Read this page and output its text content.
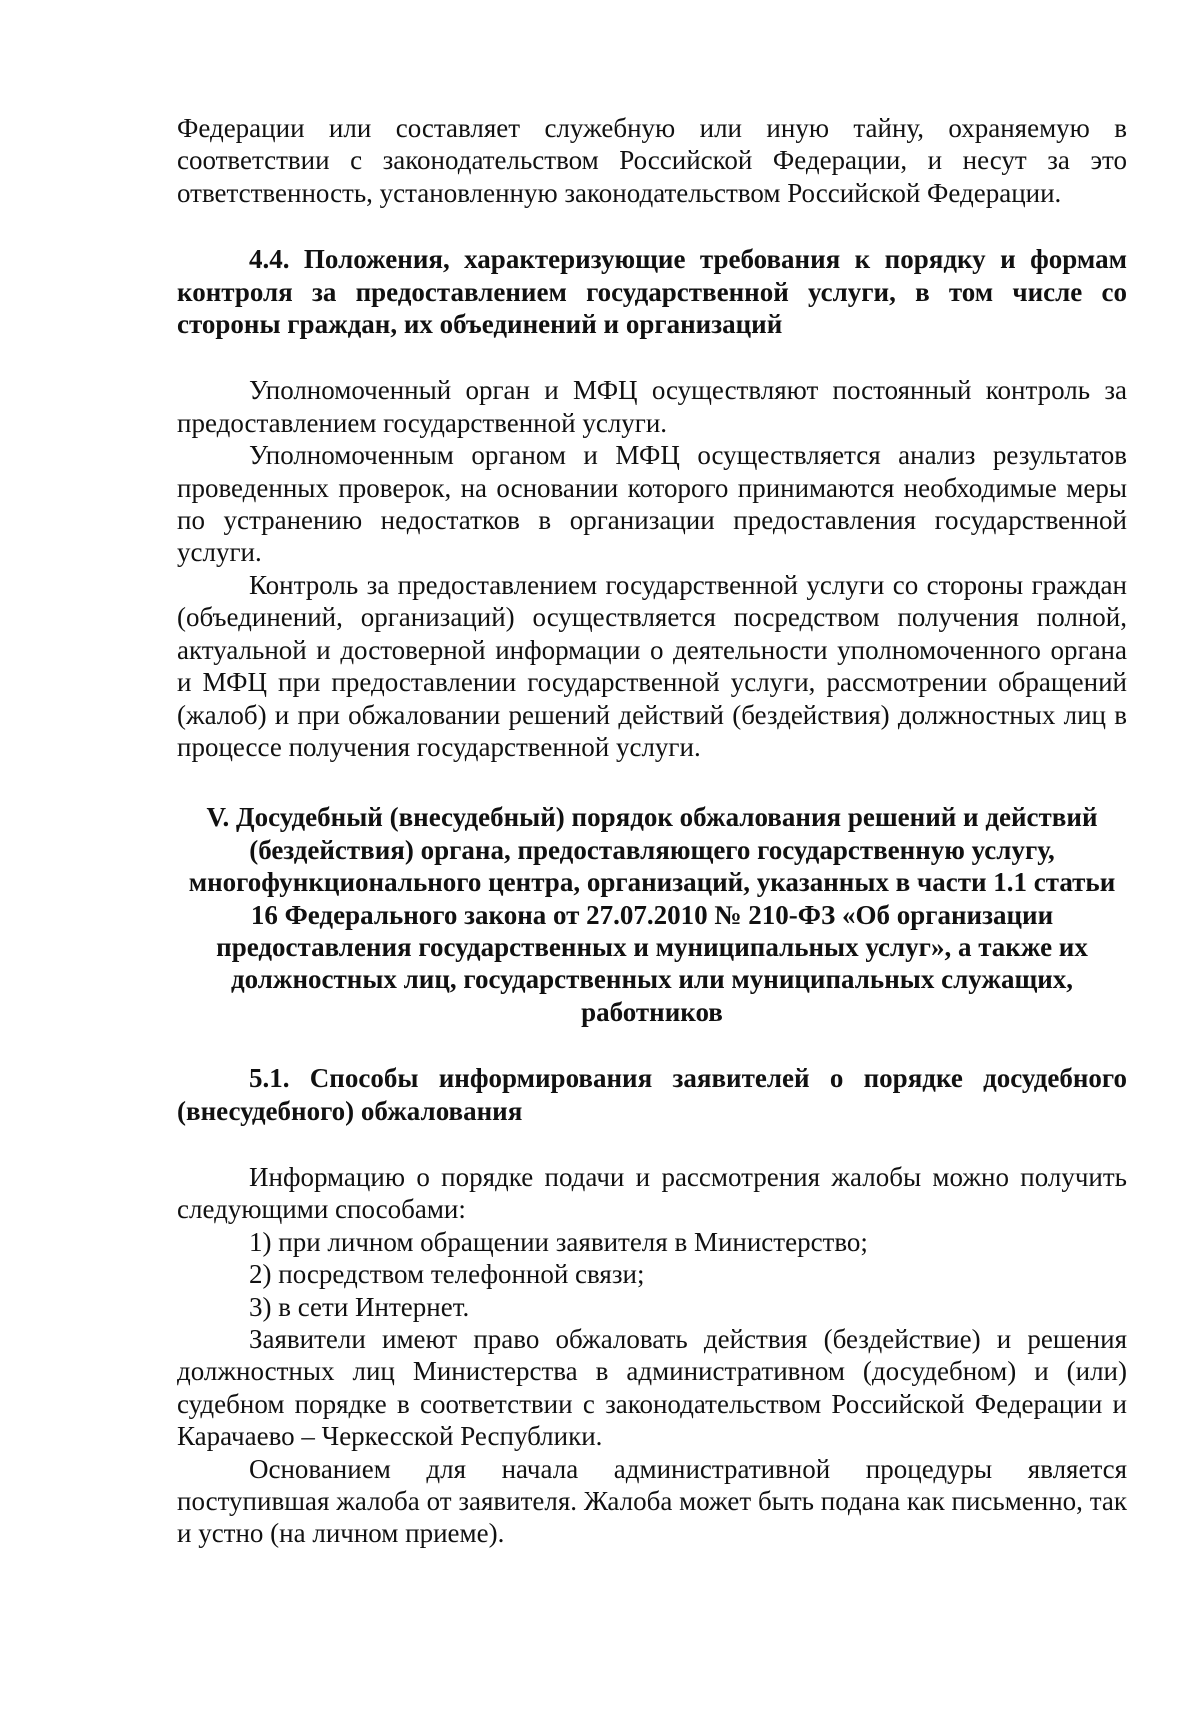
Федерации или составляет служебную или иную тайну, охраняемую в соответствии с законодательством Российской Федерации, и несут за это ответственность, установленную законодательством Российской Федерации.

4.4. Положения, характеризующие требования к порядку и формам контроля за предоставлением государственной услуги, в том числе со стороны граждан, их объединений и организаций

Уполномоченный орган и МФЦ осуществляют постоянный контроль за предоставлением государственной услуги.

Уполномоченным органом и МФЦ осуществляется анализ результатов проведенных проверок, на основании которого принимаются необходимые меры по устранению недостатков в организации предоставления государственной услуги.

Контроль за предоставлением государственной услуги со стороны граждан (объединений, организаций) осуществляется посредством получения полной, актуальной и достоверной информации о деятельности уполномоченного органа и МФЦ при предоставлении государственной услуги, рассмотрении обращений (жалоб) и при обжаловании решений действий (бездействия) должностных лиц в процессе получения государственной услуги.

V. Досудебный (внесудебный) порядок обжалования решений и действий (бездействия) органа, предоставляющего государственную услугу, многофункционального центра, организаций, указанных в части 1.1 статьи 16 Федерального закона от 27.07.2010 № 210-ФЗ «Об организации предоставления государственных и муниципальных услуг», а также их должностных лиц, государственных или муниципальных служащих, работников

5.1. Способы информирования заявителей о порядке досудебного (внесудебного) обжалования

Информацию о порядке подачи и рассмотрения жалобы можно получить следующими способами:

1) при личном обращении заявителя в Министерство;

2) посредством телефонной связи;

3) в сети Интернет.

Заявители имеют право обжаловать действия (бездействие) и решения должностных лиц Министерства в административном (досудебном) и (или) судебном порядке в соответствии с законодательством Российской Федерации и Карачаево – Черкесской Республики.

Основанием для начала административной процедуры является поступившая жалоба от заявителя. Жалоба может быть подана как письменно, так и устно (на личном приеме).
